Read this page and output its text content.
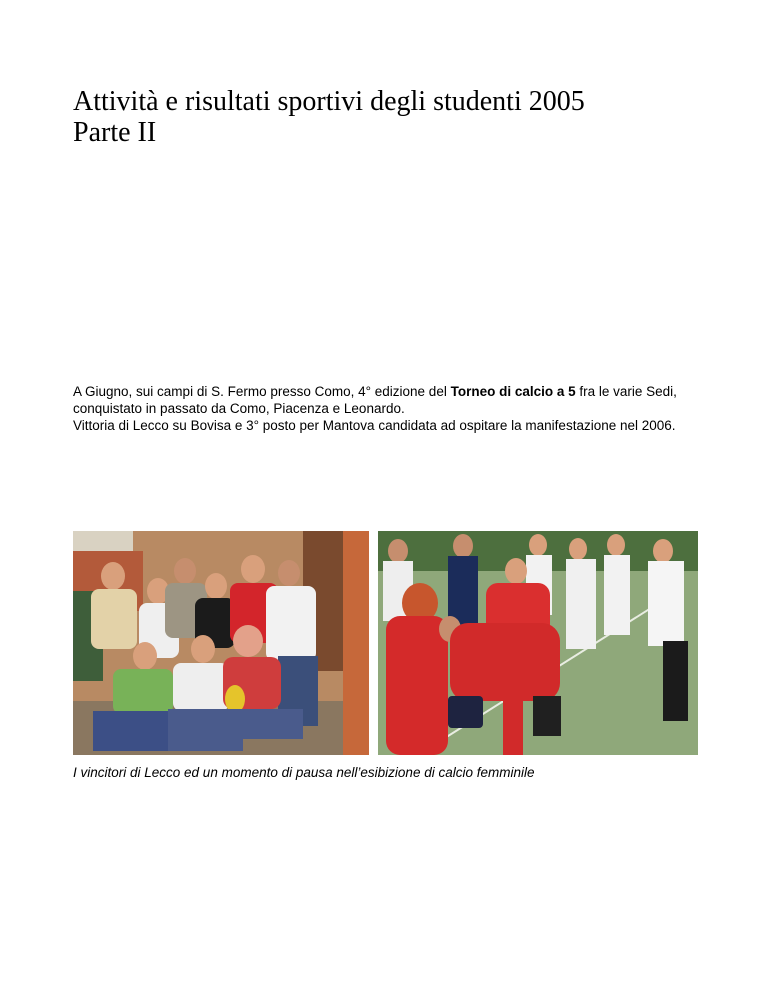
Attività e risultati sportivi degli studenti 2005
Parte II
A Giugno, sui campi di S. Fermo presso Como, 4° edizione del Torneo di calcio a 5 fra le varie Sedi, conquistato in passato da Como, Piacenza e Leonardo.
Vittoria di Lecco su Bovisa e 3° posto per Mantova candidata ad ospitare la manifestazione nel 2006.

I vincitori di Lecco ed un momento di pausa nell’esibizione di calcio femminile
